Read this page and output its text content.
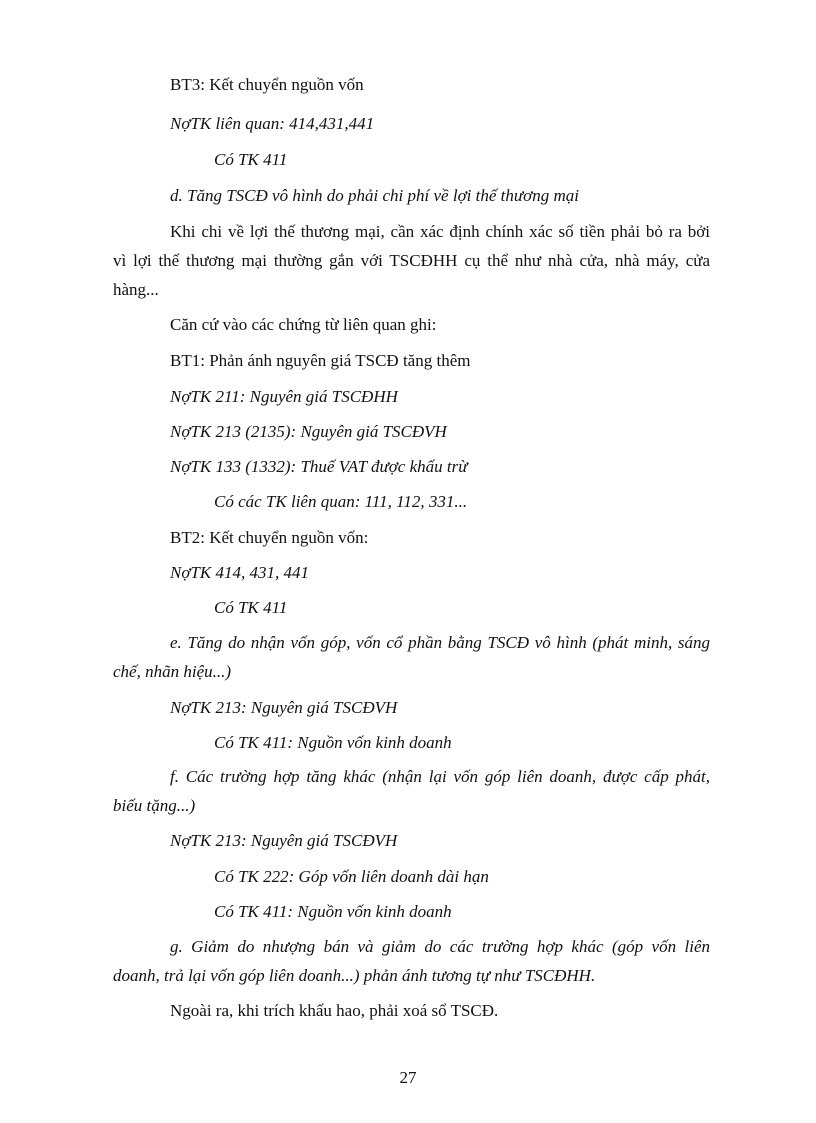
BT3: Kết chuyển nguồn vốn

NợTK liên quan: 414,431,441

Có TK 411

d. Tăng TSCĐ vô hình do phải chi phí về lợi thế thương mại

Khi chi về lợi thế thương mại, cần xác định chính xác số tiền phải bỏ ra bởi

vì lợi thế thương mại thường gắn với TSCĐHH cụ thể như nhà cửa, nhà máy, cửa

hàng...

Căn cứ vào các chứng từ liên quan ghi:

BT1: Phản ánh nguyên giá TSCĐ tăng thêm

NợTK 211: Nguyên giá TSCĐHH

NợTK 213 (2135): Nguyên giá TSCĐVH

NợTK 133 (1332): Thuế VAT được khấu trừ

Có các TK liên quan: 111, 112, 331...

BT2: Kết chuyển nguồn vốn:

NợTK 414, 431, 441

Có TK 411

e. Tăng do nhận vốn góp, vốn cổ phần bằng TSCĐ vô hình (phát minh, sáng

chế, nhãn hiệu...)

NợTK 213: Nguyên giá TSCĐVH

Có TK 411: Nguồn vốn kinh doanh

f. Các trường hợp tăng khác (nhận lại vốn góp liên doanh, được cấp phát,

biếu tặng...)

NợTK 213: Nguyên giá TSCĐVH

Có TK 222: Góp vốn liên doanh dài hạn

Có TK 411: Nguồn vốn kinh doanh

g. Giảm do nhượng bán và giảm do các trường hợp khác (góp vốn liên

doanh, trả lại vốn góp liên doanh...) phản ánh tương tự như TSCĐHH.

Ngoài ra, khi trích khấu hao, phải xoá sổ TSCĐ.

27
